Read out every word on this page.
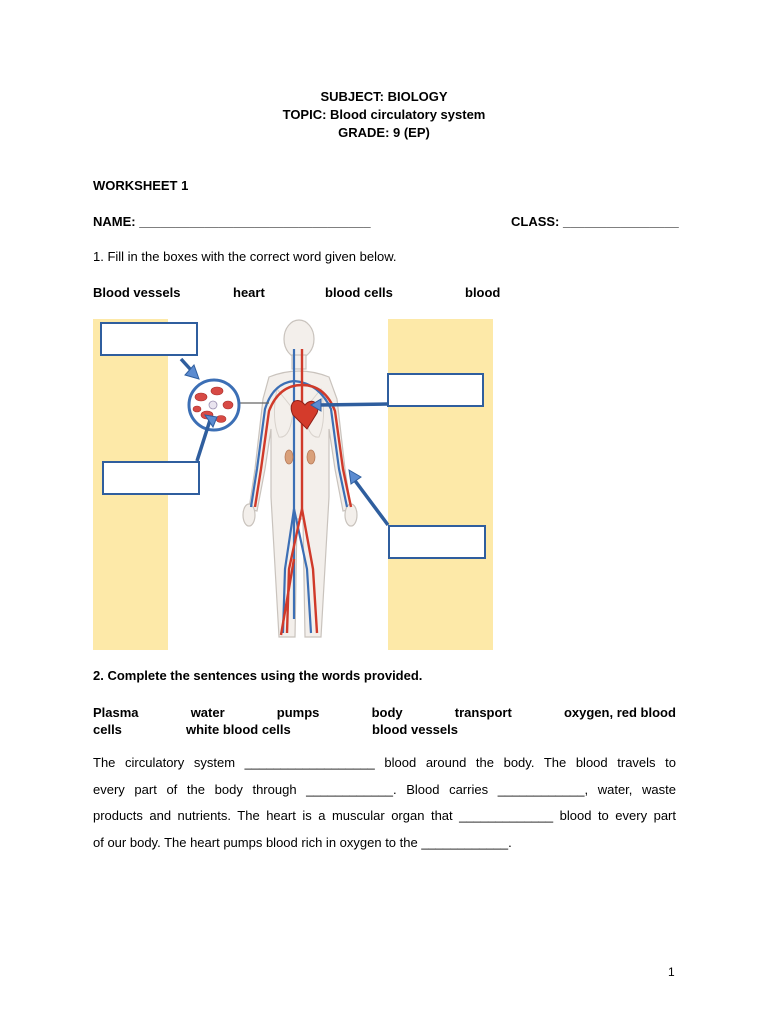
SUBJECT: BIOLOGY
TOPIC: Blood circulatory system
GRADE: 9 (EP)
WORKSHEET 1
NAME: ________________________________	CLASS: ________________
1. Fill in the boxes with the correct word given below.
Blood vessels	heart	blood cells	blood
2. Complete the sentences using the words provided.
Plasma	water	pumps	body	transport	oxygen, red blood
cells	white blood cells	blood vessels

The circulatory system __________________ blood around the body. The blood travels to

every part of the body through ____________. Blood carries ____________, water, waste

products and nutrients. The heart is a muscular organ that _____________ blood to every part

of our body. The heart pumps blood rich in oxygen to the ____________.

1
